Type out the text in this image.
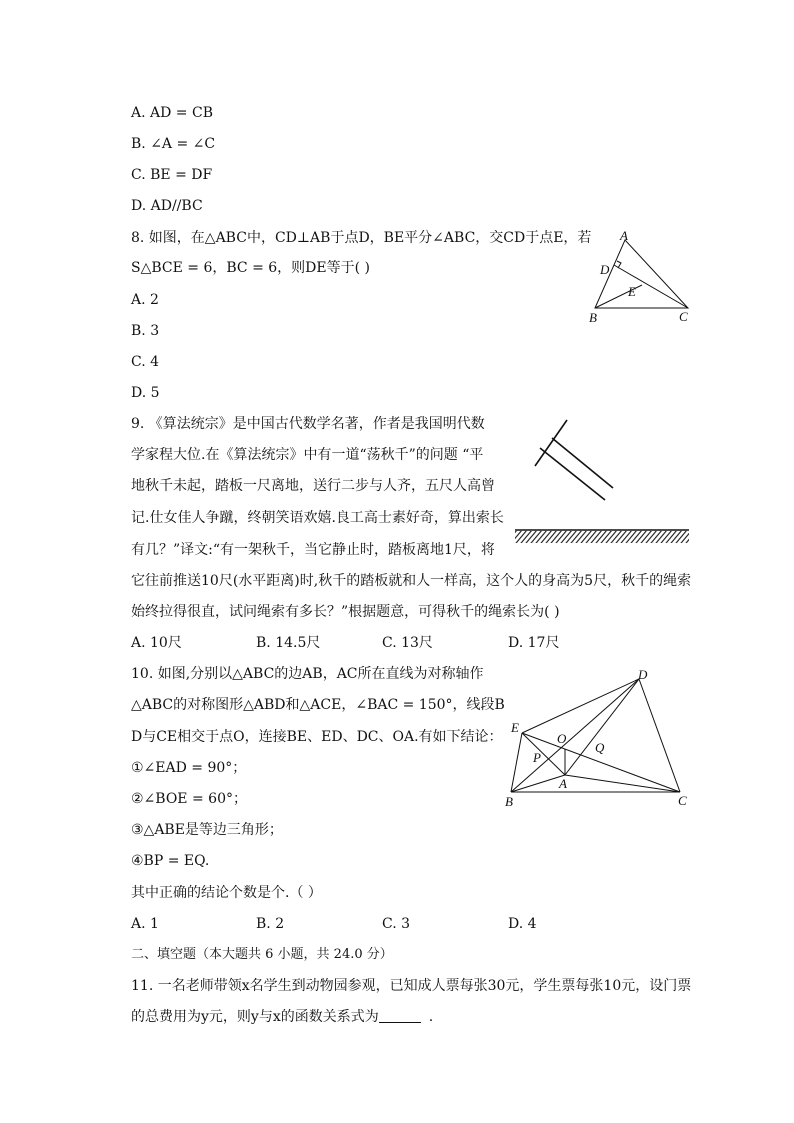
A. AD = CB
B. ∠A = ∠C
C. BE = DF
D. AD//BC
8. 如图，在△ABC中，CD⊥AB于点D，BE平分∠ABC，交CD于点E，若
S△BCE = 6，BC = 6，则DE等于( )
A. 2
B. 3
C. 4
D. 5
A
D
E
B	C
9. 《算法统宗》是中国古代数学名著，作者是我国明代数
学家程大位.在《算法统宗》中有一道“荡秋千”的问题 “平
地秋千未起，踏板一尺离地，送行二步与人齐，五尺人高曾
记.仕女佳人争蹴，终朝笑语欢嬉.良工高士素好奇，算出索长
有几？”译文:“有一架秋千，当它静止时，踏板离地1尺，将
它往前推送10尺(水平距离)时,秋千的踏板就和人一样高，这个人的身高为5尺，秋千的绳索
始终拉得很直，试问绳索有多长？”根据题意，可得秋千的绳索长为( )
A. 10尺	B. 14.5尺	C. 13尺	D. 17尺
10. 如图,分别以△ABC的边AB，AC所在直线为对称轴作
△ABC的对称图形△ABD和△ACE，∠BAC = 150°，线段B
D与CE相交于点O，连接BE、ED、DC、OA.有如下结论：
①∠EAD = 90°；
②∠BOE = 60°；
③△ABE是等边三角形；
④BP = EQ.
其中正确的结论个数是个.（ ）
A. 1	B. 2	C. 3	D. 4
D
E
O
Q
P
A
B	C
二、填空题（本大题共 6 小题，共 24.0 分）
11. 一名老师带领x名学生到动物园参观，已知成人票每张30元，学生票每张10元，设门票
的总费用为y元，则y与x的函数关系式为	.
